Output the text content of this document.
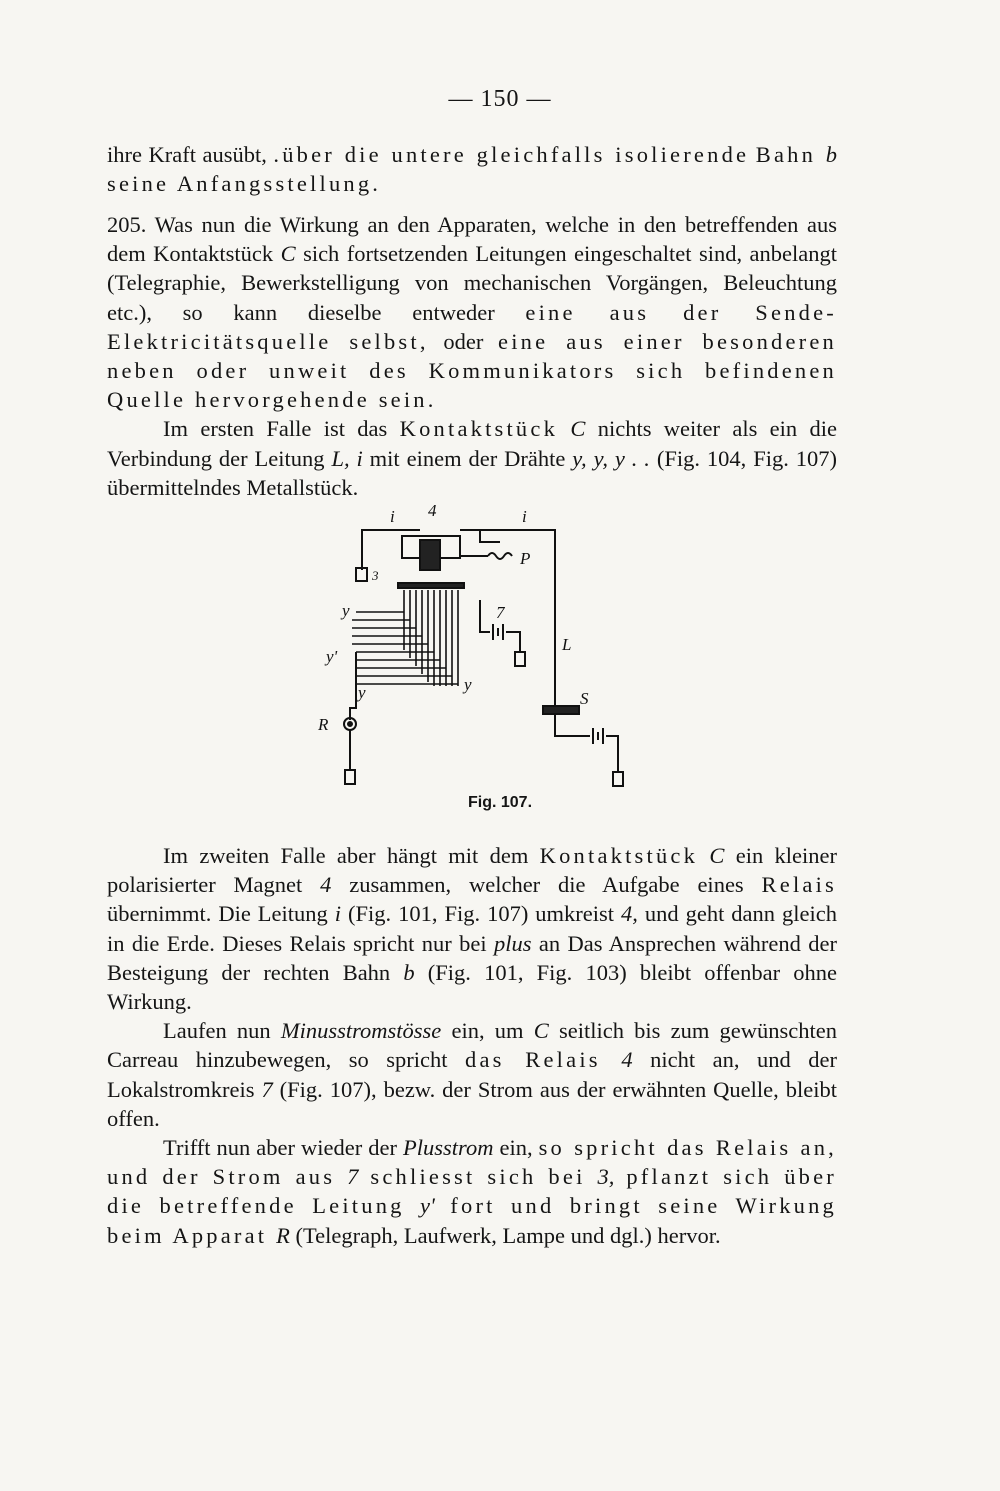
— 150 —

ihre Kraft ausübt, .über die untere gleichfalls isolierende Bahn b seine Anfangsstellung.

205. Was nun die Wirkung an den Apparaten, welche in den betreffenden aus dem Kontaktstück C sich fortsetzenden Leitungen eingeschaltet sind, anbelangt (Telegraphie, Bewerkstelligung von mechanischen Vorgängen, Beleuchtung etc.), so kann dieselbe entweder eine aus der Sende-Elektricitätsquelle selbst, oder eine aus einer besonderen neben oder unweit des Kommunikators sich befindenen Quelle hervorgehende sein.

Im ersten Falle ist das Kontaktstück C nichts weiter als ein die Verbindung der Leitung L, i mit einem der Drähte y, y, y . . (Fig. 104, Fig. 107) übermittelndes Metallstück.

i 4	i
3
P
y	7
L
y'
y	y
S
R
Fig. 107.

Im zweiten Falle aber hängt mit dem Kontaktstück C ein kleiner polarisierter Magnet 4 zusammen, welcher die Aufgabe eines Relais übernimmt. Die Leitung i (Fig. 101, Fig. 107) umkreist 4, und geht dann gleich in die Erde. Dieses Relais spricht nur bei plus an Das Ansprechen während der Besteigung der rechten Bahn b (Fig. 101, Fig. 103) bleibt offenbar ohne Wirkung.

Laufen nun Minusstromstösse ein, um C seitlich bis zum gewünschten Carreau hinzubewegen, so spricht das Relais 4 nicht an, und der Lokalstromkreis 7 (Fig. 107), bezw. der Strom aus der erwähnten Quelle, bleibt offen.

Trifft nun aber wieder der Plusstrom ein, so spricht das Relais an, und der Strom aus 7 schliesst sich bei 3, pflanzt sich über die betreffende Leitung y' fort und bringt seine Wirkung beim Apparat R (Telegraph, Laufwerk, Lampe und dgl.) hervor.
